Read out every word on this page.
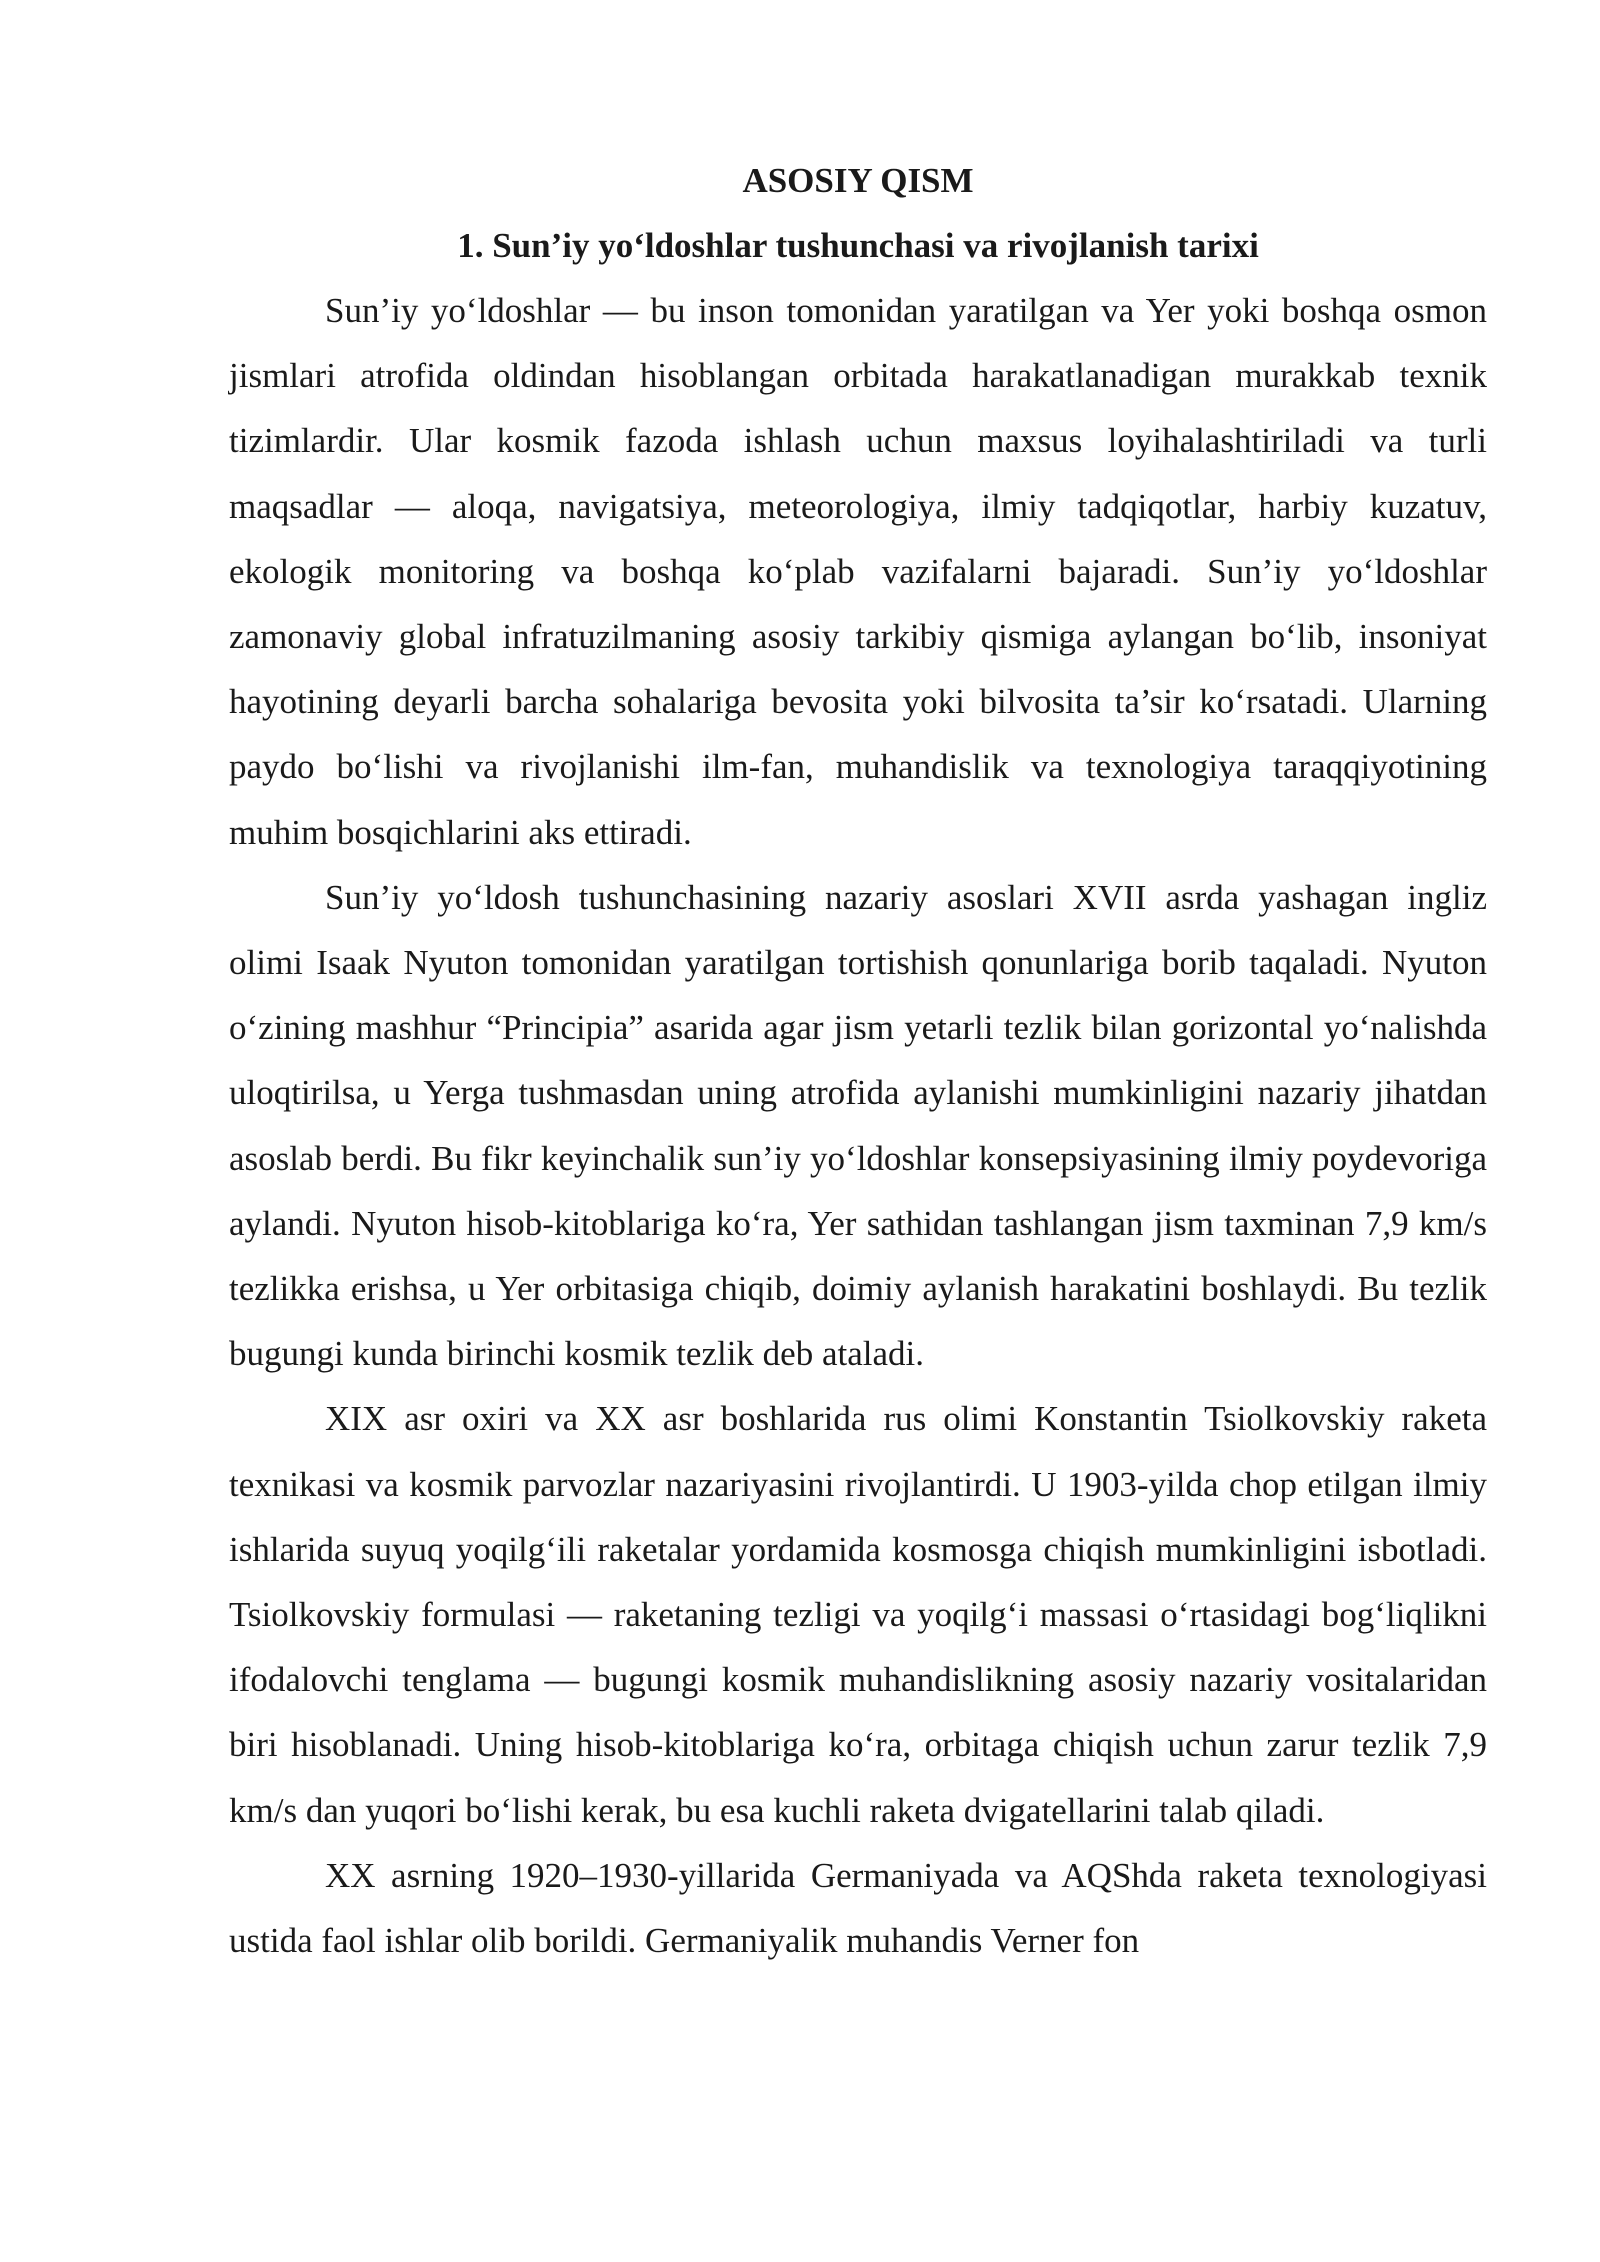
ASOSIY QISM
1. Sun’iy yo‘ldoshlar tushunchasi va rivojlanish tarixi

Sun’iy yo‘ldoshlar — bu inson tomonidan yaratilgan va Yer yoki boshqa osmon jismlari atrofida oldindan hisoblangan orbitada harakatlanadigan murakkab texnik tizimlardir. Ular kosmik fazoda ishlash uchun maxsus loyihalashtiriladi va turli maqsadlar — aloqa, navigatsiya, meteorologiya, ilmiy tadqiqotlar, harbiy kuzatuv, ekologik monitoring va boshqa ko‘plab vazifalarni bajaradi. Sun’iy yo‘ldoshlar zamonaviy global infratuzilmaning asosiy tarkibiy qismiga aylangan bo‘lib, insoniyat hayotining deyarli barcha sohalariga bevosita yoki bilvosita ta’sir ko‘rsatadi. Ularning paydo bo‘lishi va rivojlanishi ilm-fan, muhandislik va texnologiya taraqqiyotining muhim bosqichlarini aks ettiradi.

Sun’iy yo‘ldosh tushunchasining nazariy asoslari XVII asrda yashagan ingliz olimi Isaak Nyuton tomonidan yaratilgan tortishish qonunlariga borib taqaladi. Nyuton o‘zining mashhur “Principia” asarida agar jism yetarli tezlik bilan gorizontal yo‘nalishda uloqtirilsa, u Yerga tushmasdan uning atrofida aylanishi mumkinligini nazariy jihatdan asoslab berdi. Bu fikr keyinchalik sun’iy yo‘ldoshlar konsepsiyasining ilmiy poydevoriga aylandi. Nyuton hisob-kitoblariga ko‘ra, Yer sathidan tashlangan jism taxminan 7,9 km/s tezlikka erishsa, u Yer orbitasiga chiqib, doimiy aylanish harakatini boshlaydi. Bu tezlik bugungi kunda birinchi kosmik tezlik deb ataladi.

XIX asr oxiri va XX asr boshlarida rus olimi Konstantin Tsiolkovskiy raketa texnikasi va kosmik parvozlar nazariyasini rivojlantirdi. U 1903-yilda chop etilgan ilmiy ishlarida suyuq yoqilg‘ili raketalar yordamida kosmosga chiqish mumkinligini isbotladi. Tsiolkovskiy formulasi — raketaning tezligi va yoqilg‘i massasi o‘rtasidagi bog‘liqlikni ifodalovchi tenglama — bugungi kosmik muhandislikning asosiy nazariy vositalaridan biri hisoblanadi. Uning hisob-kitoblariga ko‘ra, orbitaga chiqish uchun zarur tezlik 7,9 km/s dan yuqori bo‘lishi kerak, bu esa kuchli raketa dvigatellarini talab qiladi.

XX asrning 1920–1930-yillarida Germaniyada va AQShda raketa texnologiyasi ustida faol ishlar olib borildi. Germaniyalik muhandis Verner fon
